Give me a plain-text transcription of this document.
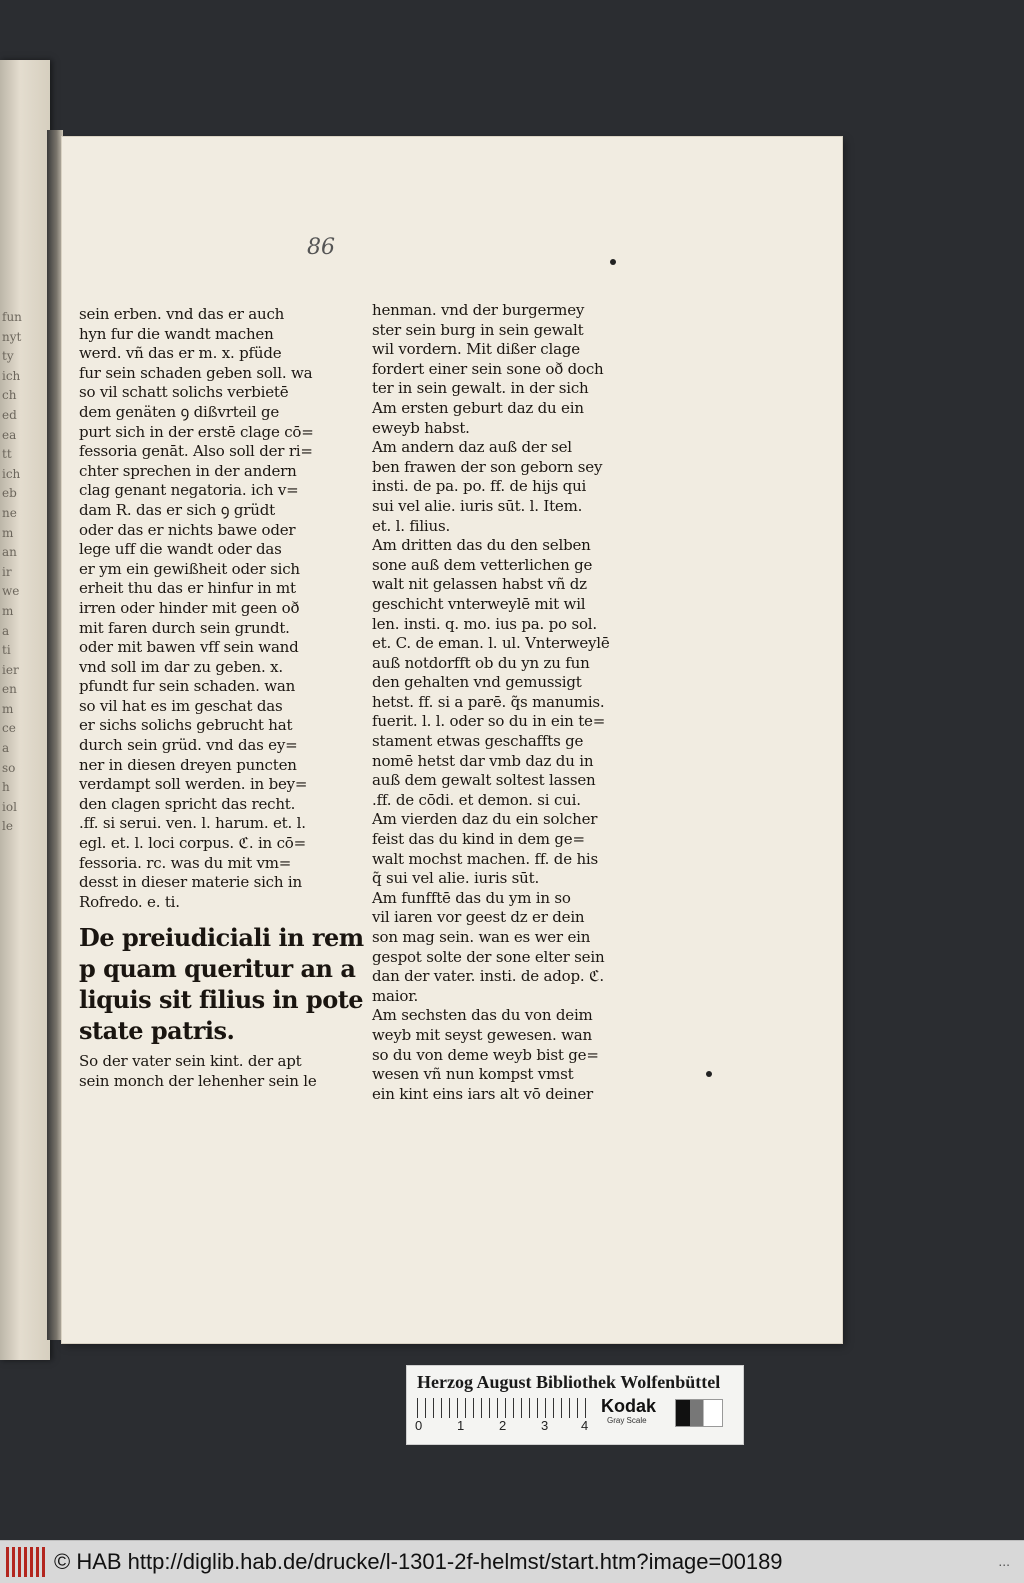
fun
nyt
ty
ich
ch
ed
ea
tt
ich
eb
ne
m
an
ir
we
m
a
ti
ier
en
m
ce
a
so
h
iol
le
86
sein erben. vnd das er auch
hyn fur die wandt machen
werd. vñ das er m. x. pfüde
fur sein schaden geben soll. wa
so vil schatt solichs verbietē
dem genäten ꝯ dißvrteil ge
purt sich in der erstē clage cō=
fessoria genāt. Also soll der ri=
chter sprechen in der andern
clag genant negatoria. ich v=
dam R. das er sich ꝯ grüdt
oder das er nichts bawe oder
lege uff die wandt oder das
er ym ein gewißheit oder sich
erheit thu das er hinfur in mt
irren oder hinder mit geen oð
mit faren durch sein grundt.
oder mit bawen vff sein wand
vnd soll im dar zu geben. x.
pfundt fur sein schaden. wan
so vil hat es im geschat das
er sichs solichs gebrucht hat
durch sein grüd. vnd das ey=
ner in diesen dreyen puncten
verdampt soll werden. in bey=
den clagen spricht das recht.
.ff. si serui. ven. l. harum. et. l.
egl. et. l. loci corpus. ℭ. in cō=
fessoria. rc. was du mit vm=
desst in dieser materie sich in
Rofredo. e. ti.
De preiudiciali in rem
p quam queritur an a
liquis sit filius in pote
state patris.
So der vater sein kint. der apt
sein monch der lehenher sein le
henman. vnd der burgermey
ster sein burg in sein gewalt
wil vordern. Mit dißer clage
fordert einer sein sone oð doch
ter in sein gewalt. in der sich
Am ersten geburt daz du ein
eweyb habst.
Am andern daz auß der sel
ben frawen der son geborn sey
insti. de pa. po. ff. de hijs qui
sui vel alie. iuris sūt. l. Item.
et. l. filius.
Am dritten das du den selben
sone auß dem vetterlichen ge
walt nit gelassen habst vñ dz
geschicht vnterweylē mit wil
len. insti. q. mo. ius pa. po sol.
et. C. de eman. l. ul. Vnterweylē
auß notdorfft ob du yn zu fun
den gehalten vnd gemussigt
hetst. ff. si a parē. q̃s manumis.
fuerit. l. l. oder so du in ein te=
stament etwas geschaffts ge
nomē hetst dar vmb daz du in
auß dem gewalt soltest lassen
.ff. de cōdi. et demon. si cui.
Am vierden daz du ein solcher
feist das du kind in dem ge=
walt mochst machen. ff. de his
q̃ sui vel alie. iuris sūt.
Am funfftē das du ym in so
vil iaren vor geest dz er dein
son mag sein. wan es wer ein
gespot solte der sone elter sein
dan der vater. insti. de adop. ℭ.
maior.
Am sechsten das du von deim
weyb mit seyst gewesen. wan
so du von deme weyb bist ge=
wesen vñ nun kompst vmst
ein kint eins iars alt vō deiner
Herzog August Bibliothek Wolfenbüttel
0	1	2	3	4
Kodak
Gray Scale
© HAB http://diglib.hab.de/drucke/l-1301-2f-helmst/start.htm?image=00189	...
